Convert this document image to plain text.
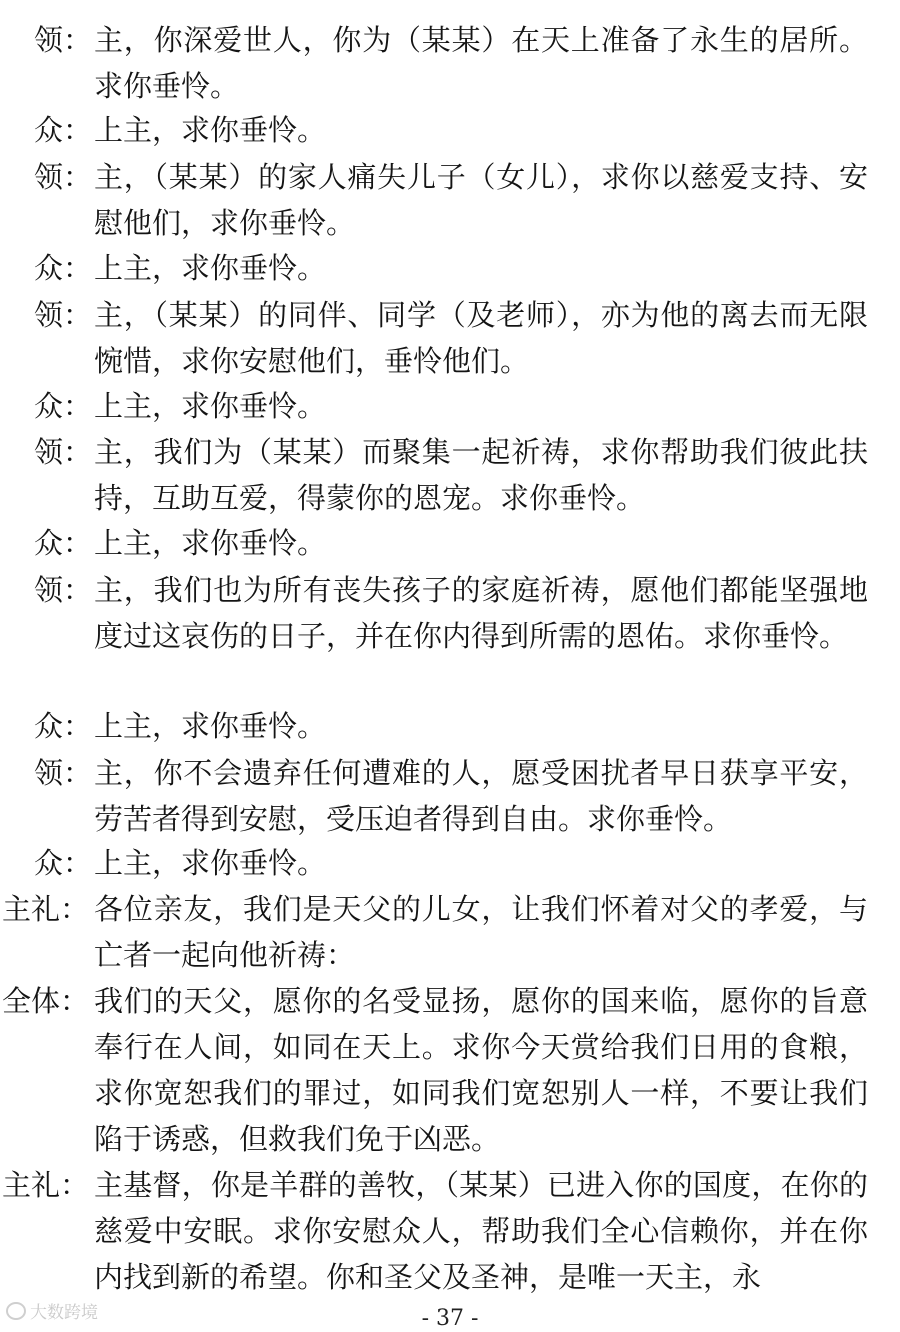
领： 主，你深爱世人，你为（某某）在天上准备了永生的居所。求你垂怜。
众： 上主，求你垂怜。
领： 主，（某某）的家人痛失儿子（女儿），求你以慈爱支持、安慰他们，求你垂怜。
众： 上主，求你垂怜。
领： 主，（某某）的同伴、同学（及老师），亦为他的离去而无限惋惜，求你安慰他们，垂怜他们。
众： 上主，求你垂怜。
领： 主，我们为（某某）而聚集一起祈祷，求你帮助我们彼此扶持，互助互爱，得蒙你的恩宠。求你垂怜。
众： 上主，求你垂怜。
领： 主，我们也为所有丧失孩子的家庭祈祷，愿他们都能坚强地度过这哀伤的日子，并在你内得到所需的恩佑。求你垂怜。
众： 上主，求你垂怜。
领： 主，你不会遗弃任何遭难的人，愿受困扰者早日获享平安，劳苦者得到安慰，受压迫者得到自由。求你垂怜。
众： 上主，求你垂怜。
主礼： 各位亲友，我们是天父的儿女，让我们怀着对父的孝爱，与亡者一起向他祈祷：
全体： 我们的天父，愿你的名受显扬，愿你的国来临，愿你的旨意奉行在人间，如同在天上。求你今天赏给我们日用的食粮，求你宽恕我们的罪过，如同我们宽恕别人一样，不要让我们陷于诱惑，但救我们免于凶恶。
主礼： 主基督，你是羊群的善牧，（某某）已进入你的国度，在你的慈爱中安眠。求你安慰众人，帮助我们全心信赖你，并在你内找到新的希望。你和圣父及圣神，是唯一天主，永
大数跨境	- 37 -
